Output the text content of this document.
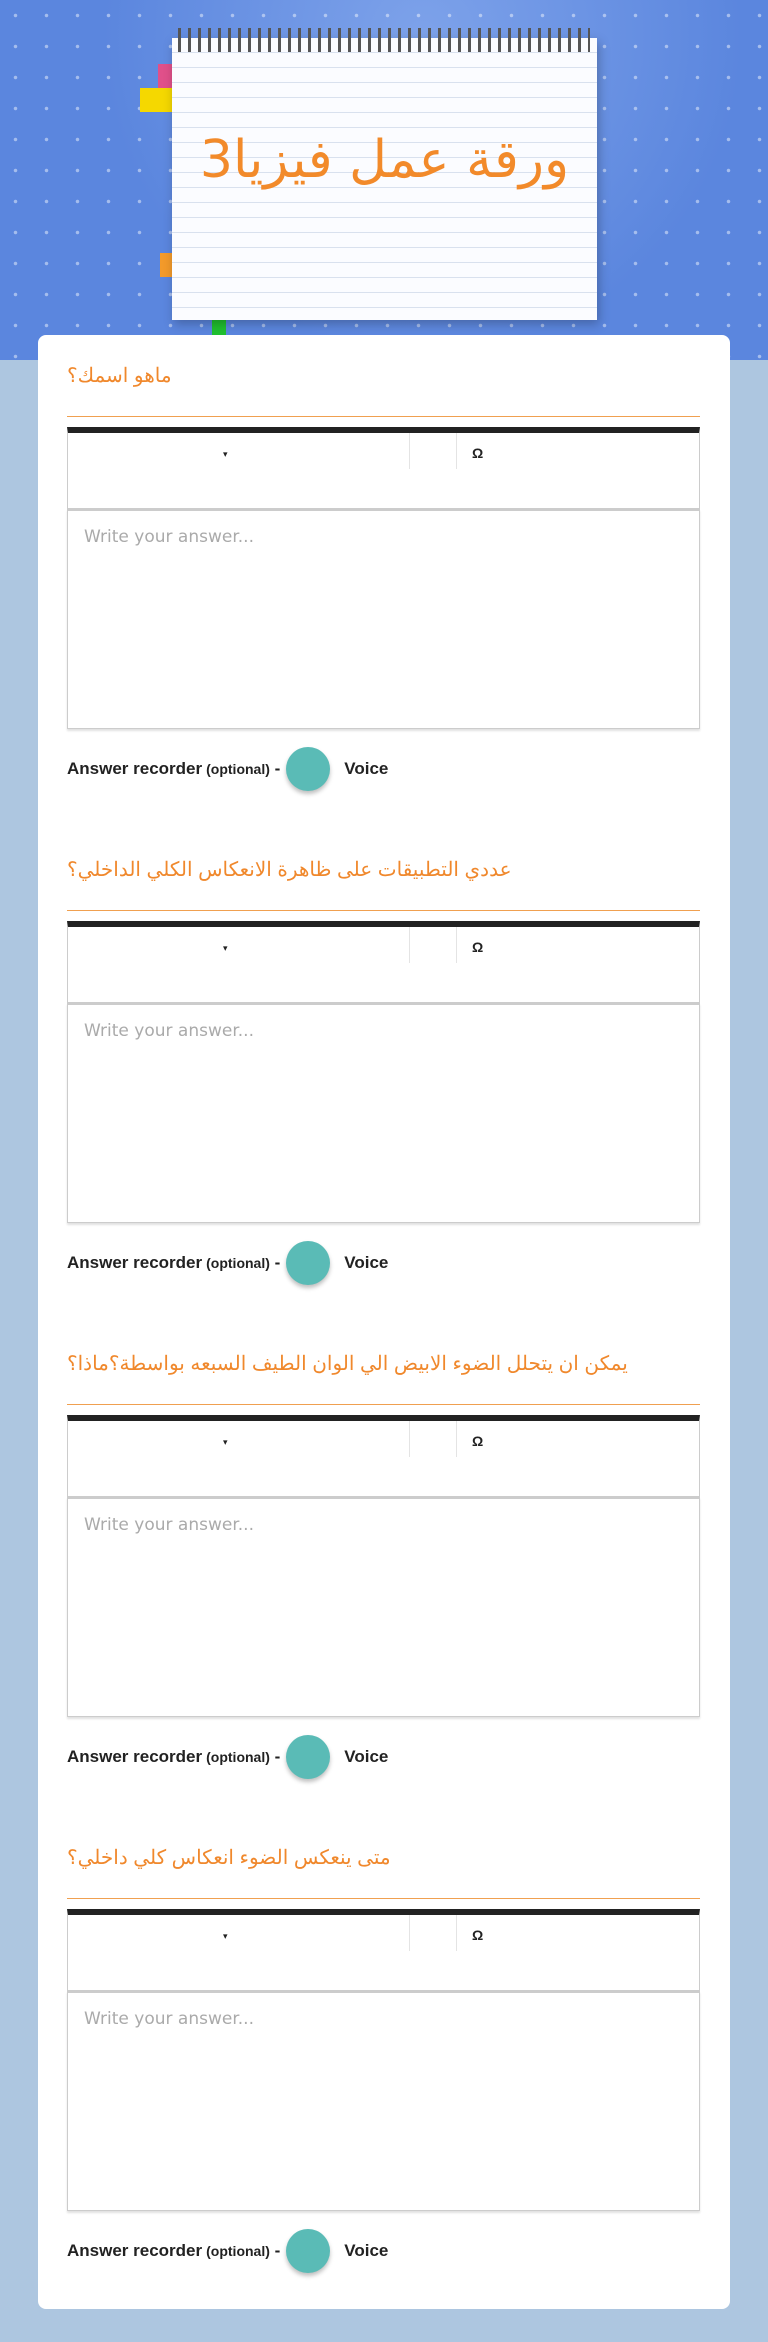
ورقة عمل فيزيا3
ماهو اسمك؟
▾	Ω
Write your answer...
Answer recorder (optional)
-	Voice
عددي التطبيقات على ظاهرة الانعكاس الكلي الداخلي؟
▾	Ω
Write your answer...
Answer recorder (optional)
-	Voice
يمكن ان يتحلل الضوء الابيض الي الوان الطيف السبعه بواسطة؟ماذا؟
▾	Ω
Write your answer...
Answer recorder (optional)
-	Voice
متى ينعكس الضوء انعكاس كلي داخلي؟
▾	Ω
Write your answer...
Answer recorder (optional)
-	Voice
